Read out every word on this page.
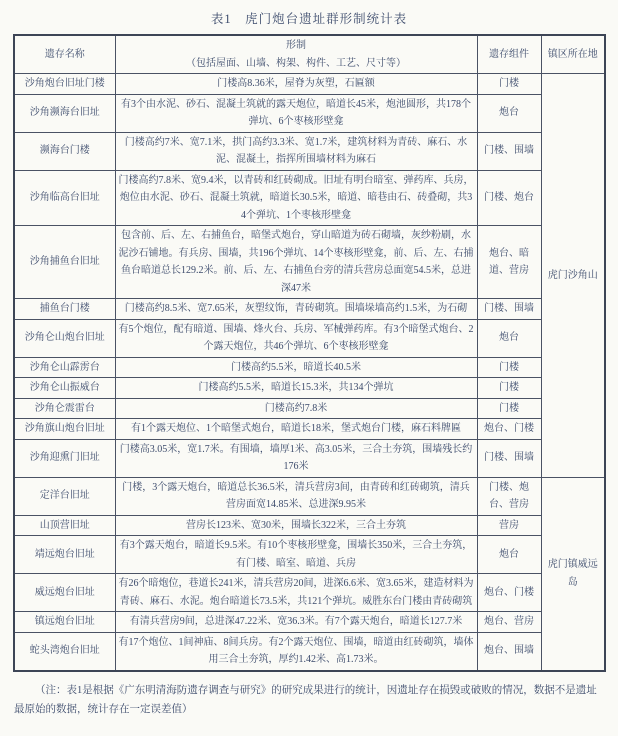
表1　虎门炮台遗址群形制统计表
遗存名称	形制
（包括屋面、山墙、构架、构件、工艺、尺寸等）	遗存组件	镇区所在地
沙角炮台旧址门楼	门楼高8.36米，屋脊为灰塑，石匾额	门楼	虎门沙角山
沙角濒海台旧址	有3个由水泥、砂石、混凝土筑就的露天炮位，暗道长45米，炮池圆形，共178个弹坑、6个枣核形壁龛	炮台	
濒海台门楼	门楼高约7米、宽7.1米，拱门高约3.3米、宽1.7米，建筑材料为青砖、麻石、水泥、混凝土，指挥所围墙材料为麻石	门楼、围墙	
沙角临高台旧址	门楼高约7.8米、宽9.4米，以青砖和红砖砌成。旧址有明台暗室、弹药库、兵房，炮位由水泥、砂石、混凝土筑就，暗道长30.5米，暗道、暗巷由石、砖叠砌，共34个弹坑、1个枣核形壁龛	门楼、炮台	
沙角捕鱼台旧址	包含前、后、左、右捕鱼台，暗堡式炮台，穿山暗道为砖石砌墙，灰纱粉刷，水泥沙石铺地。有兵房、围墙，共196个弹坑、14个枣核形壁龛，前、后、左、右捕鱼台暗道总长129.2米。前、后、左、右捕鱼台旁的清兵营房总面宽54.5米，总进深47米	炮台、暗道、营房	
捕鱼台门楼	门楼高约8.5米、宽7.65米，灰塑纹饰，青砖砌筑。围墙垛墙高约1.5米，为石砌	门楼、围墙	
沙角仑山炮台旧址	有5个炮位，配有暗道、围墙、烽火台、兵房、军械弹药库。有3个暗堡式炮台、2个露天炮位，共46个弹坑、6个枣核形壁龛	炮台	
沙角仑山霹雳台	门楼高约5.5米，暗道长40.5米	门楼	
沙角仑山振威台	门楼高约5.5米，暗道长15.3米，共134个弹坑	门楼	
沙角仑震雷台	门楼高约7.8米	门楼	
沙角旗山炮台旧址	有1个露天炮位、1个暗堡式炮台，暗道长18米，堡式炮台门楼，麻石料牌匾	炮台、门楼	
沙角迎熏门旧址	门楼高3.05米，宽1.7米。有围墙，墙厚1米、高3.05米，三合土夯筑，围墙残长约176米	门楼、围墙	
定洋台旧址	门楼，3个露天炮台，暗道总长36.5米，清兵营房3间，由青砖和红砖砌筑，清兵营房面宽14.85米、总进深9.95米	门楼、炮台、营房	虎门镇威远岛
山顶营旧址	营房长123米、宽30米，围墙长322米，三合土夯筑	营房	
靖远炮台旧址	有3个露天炮台，暗道长9.5米。有10个枣核形壁龛，围墙长350米，三合土夯筑，有门楼、暗室、暗道、兵房	炮台	
威远炮台旧址	有26个暗炮位，巷道长241米，清兵营房20间，进深6.6米、宽3.65米，建造材料为青砖、麻石、水泥。炮台暗道长73.5米，共121个弹坑。威胜东台门楼由青砖砌筑	炮台、门楼	
镇远炮台旧址	有清兵营房9间，总进深47.22米、宽36.3米。有7个露天炮台，暗道长127.7米	炮台、营房	
蛇头湾炮台旧址	有17个炮位、1间神庙、8间兵房。有2个露天炮位、围墙，暗道由红砖砌筑，墙体用三合土夯筑，厚约1.42米、高1.73米。	炮台、围墙	
（注：表1是根据《广东明清海防遗存调查与研究》的研究成果进行的统计，因遗址存在损毁或破败的情况，数据不是遗址最原始的数据，统计存在一定误差值）
